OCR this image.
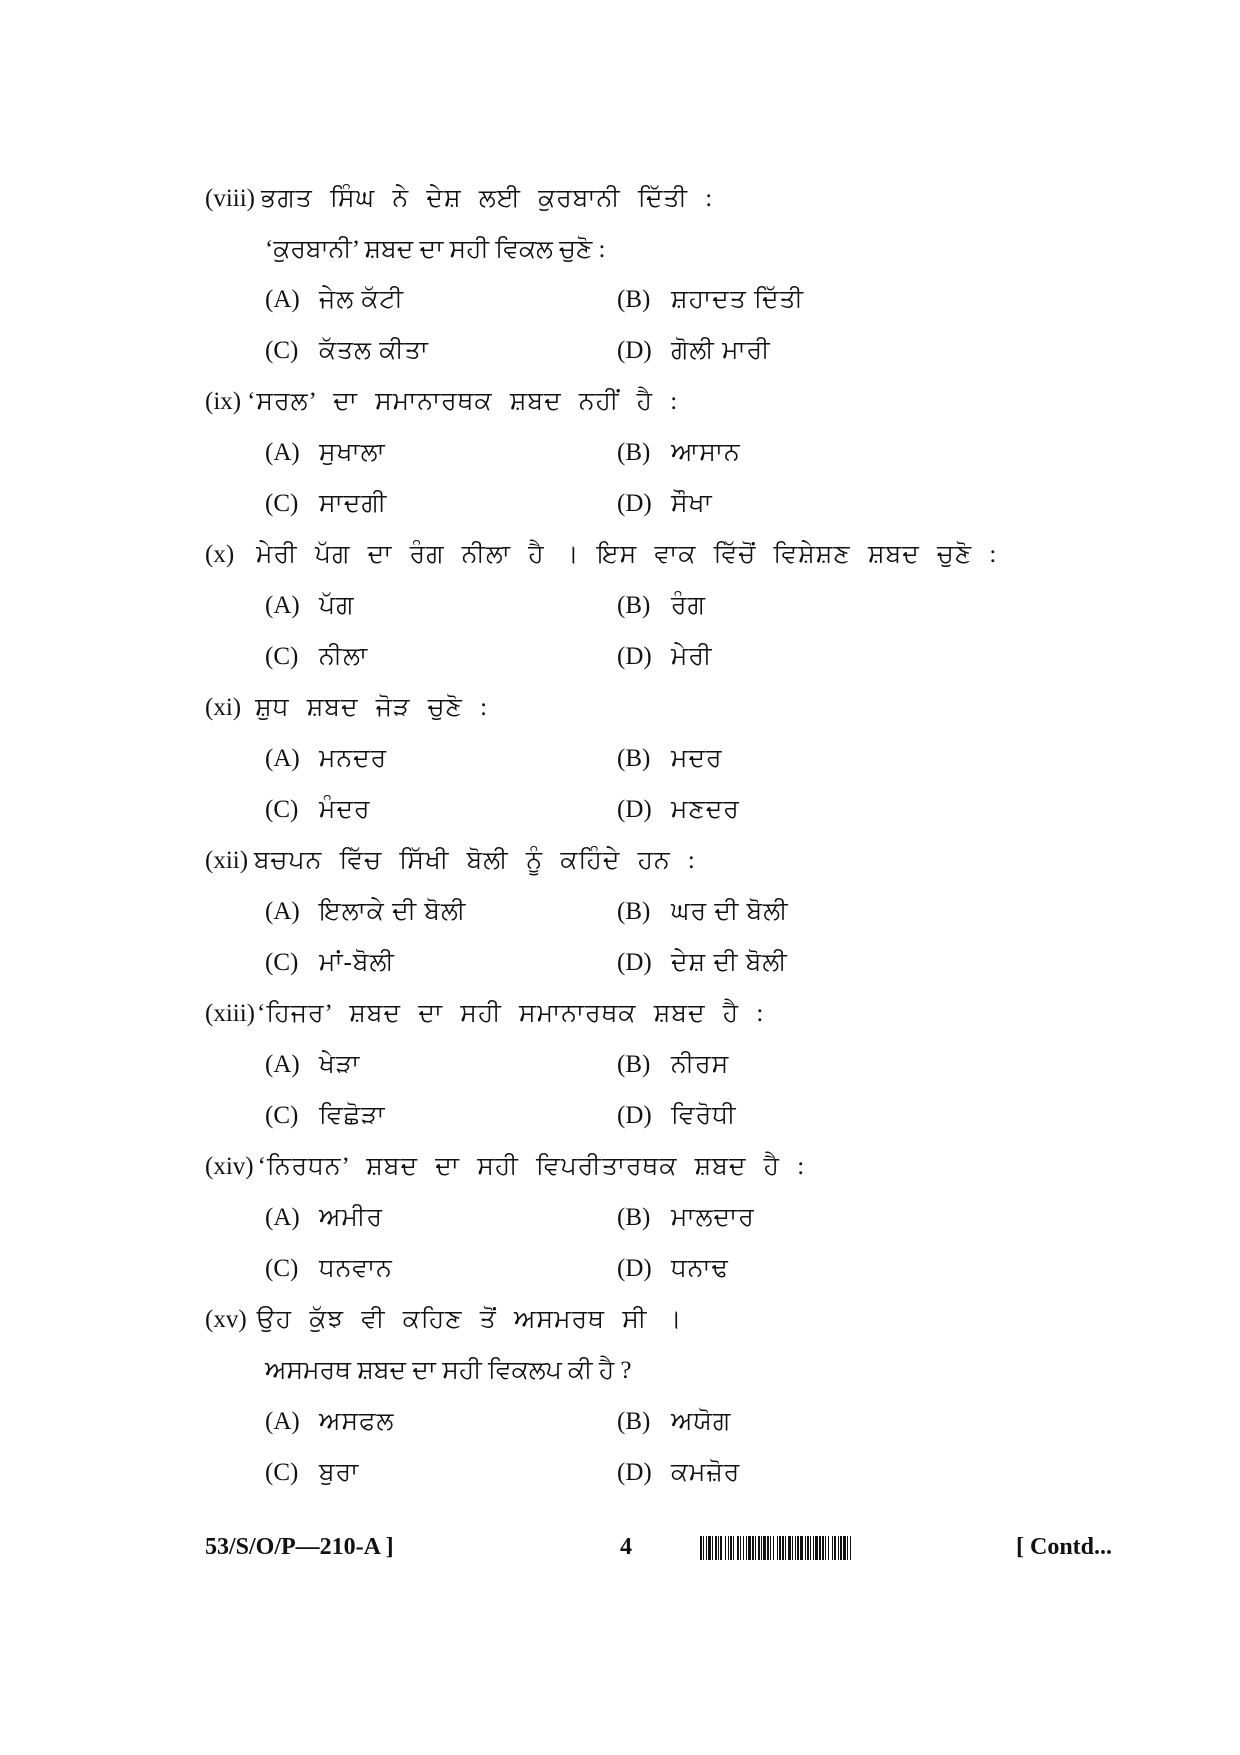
(viii) ਭਗਤ ਸਿੰਘ ਨੇ ਦੇਸ਼ ਲਈ ਕੁਰਬਾਨੀ ਦਿੱਤੀ :
‘ਕੁਰਬਾਨੀ’ ਸ਼ਬਦ ਦਾ ਸਹੀ ਵਿਕਲ ਚੁਣੋ :
(A) ਜੇਲ ਕੱਟੀ	(B) ਸ਼ਹਾਦਤ ਦਿੱਤੀ
(C) ਕੱਤਲ ਕੀਤਾ	(D) ਗੋਲੀ ਮਾਰੀ
(ix) ‘ਸਰਲ’ ਦਾ ਸਮਾਨਾਰਥਕ ਸ਼ਬਦ ਨਹੀਂ ਹੈ :
(A) ਸੁਖਾਲਾ	(B) ਆਸਾਨ
(C) ਸਾਦਗੀ	(D) ਸੌਖਾ
(x) ਮੇਰੀ ਪੱਗ ਦਾ ਰੰਗ ਨੀਲਾ ਹੈ । ਇਸ ਵਾਕ ਵਿੱਚੋਂ ਵਿਸ਼ੇਸ਼ਣ ਸ਼ਬਦ ਚੁਣੋ :
(A) ਪੱਗ	(B) ਰੰਗ
(C) ਨੀਲਾ	(D) ਮੇਰੀ
(xi) ਸ਼ੁਧ ਸ਼ਬਦ ਜੋੜ ਚੁਣੋ :
(A) ਮਨਦਰ	(B) ਮਦਰ
(C) ਮੰਦਰ	(D) ਮਣਦਰ
(xii) ਬਚਪਨ ਵਿੱਚ ਸਿੱਖੀ ਬੋਲੀ ਨੂੰ ਕਹਿੰਦੇ ਹਨ :
(A) ਇਲਾਕੇ ਦੀ ਬੋਲੀ	(B) ਘਰ ਦੀ ਬੋਲੀ
(C) ਮਾਂ-ਬੋਲੀ	(D) ਦੇਸ਼ ਦੀ ਬੋਲੀ
(xiii)‘ਹਿਜਰ’ ਸ਼ਬਦ ਦਾ ਸਹੀ ਸਮਾਨਾਰਥਕ ਸ਼ਬਦ ਹੈ :
(A) ਖੇੜਾ	(B) ਨੀਰਸ
(C) ਵਿਛੋੜਾ	(D) ਵਿਰੋਧੀ
(xiv) ‘ਨਿਰਧਨ’ ਸ਼ਬਦ ਦਾ ਸਹੀ ਵਿਪਰੀਤਾਰਥਕ ਸ਼ਬਦ ਹੈ :
(A) ਅਮੀਰ	(B) ਮਾਲਦਾਰ
(C) ਧਨਵਾਨ	(D) ਧਨਾਢ
(xv) ਉਹ ਕੁੱਝ ਵੀ ਕਹਿਣ ਤੋਂ ਅਸਮਰਥ ਸੀ ।
ਅਸਮਰਥ ਸ਼ਬਦ ਦਾ ਸਹੀ ਵਿਕਲਪ ਕੀ ਹੈ ?
(A) ਅਸਫਲ	(B) ਅਯੋਗ
(C) ਬੁਰਾ	(D) ਕਮਜ਼ੋਰ
53/S/O/P—210-A ]	4	[ Contd...
